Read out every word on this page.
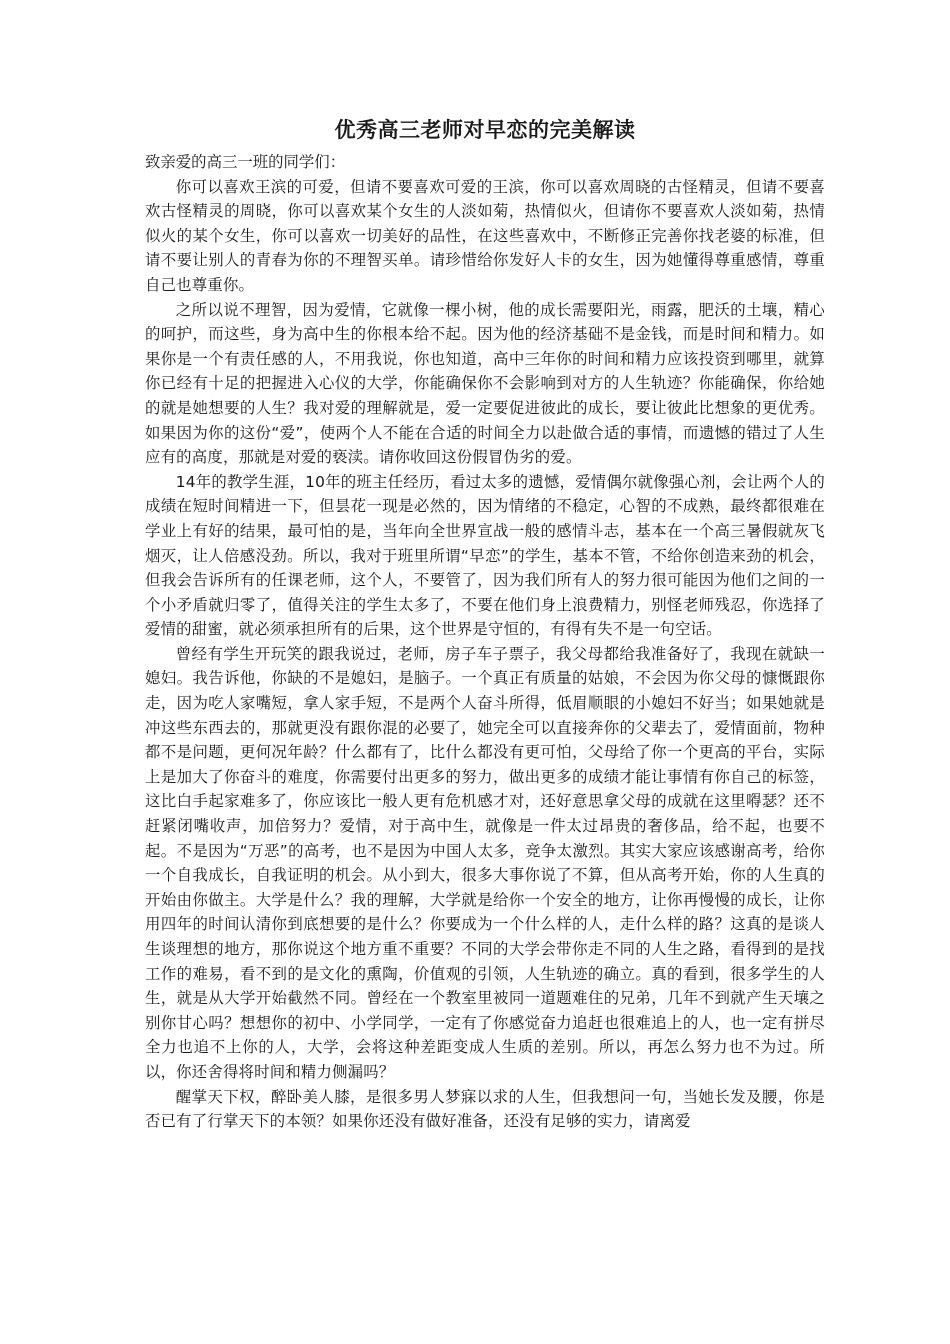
优秀高三老师对早恋的完美解读

致亲爱的高三一班的同学们：

你可以喜欢王滨的可爱，但请不要喜欢可爱的王滨，你可以喜欢周晓的古怪精灵，但请不要喜欢古怪精灵的周晓，你可以喜欢某个女生的人淡如菊，热情似火，但请你不要喜欢人淡如菊，热情似火的某个女生，你可以喜欢一切美好的品性，在这些喜欢中，不断修正完善你找老婆的标准，但请不要让别人的青春为你的不理智买单。请珍惜给你发好人卡的女生，因为她懂得尊重感情，尊重自己也尊重你。

之所以说不理智，因为爱情，它就像一棵小树，他的成长需要阳光，雨露，肥沃的土壤，精心的呵护，而这些，身为高中生的你根本给不起。因为他的经济基础不是金钱，而是时间和精力。如果你是一个有责任感的人，不用我说，你也知道，高中三年你的时间和精力应该投资到哪里，就算你已经有十足的把握进入心仪的大学，你能确保你不会影响到对方的人生轨迹？你能确保，你给她的就是她想要的人生？我对爱的理解就是，爱一定要促进彼此的成长，要让彼此比想象的更优秀。如果因为你的这份“爱”，使两个人不能在合适的时间全力以赴做合适的事情，而遗憾的错过了人生应有的高度，那就是对爱的亵渎。请你收回这份假冒伪劣的爱。

14年的教学生涯，10年的班主任经历，看过太多的遗憾，爱情偶尔就像强心剂，会让两个人的成绩在短时间精进一下，但昙花一现是必然的，因为情绪的不稳定，心智的不成熟，最终都很难在学业上有好的结果，最可怕的是，当年向全世界宣战一般的感情斗志，基本在一个高三暑假就灰飞烟灭，让人倍感没劲。所以，我对于班里所谓“早恋”的学生，基本不管，不给你创造来劲的机会，但我会告诉所有的任课老师，这个人，不要管了，因为我们所有人的努力很可能因为他们之间的一个小矛盾就归零了，值得关注的学生太多了，不要在他们身上浪费精力，别怪老师残忍，你选择了爱情的甜蜜，就必须承担所有的后果，这个世界是守恒的，有得有失不是一句空话。

曾经有学生开玩笑的跟我说过，老师，房子车子票子，我父母都给我准备好了，我现在就缺一媳妇。我告诉他，你缺的不是媳妇，是脑子。一个真正有质量的姑娘，不会因为你父母的慷慨跟你走，因为吃人家嘴短，拿人家手短，不是两个人奋斗所得，低眉顺眼的小媳妇不好当；如果她就是冲这些东西去的，那就更没有跟你混的必要了，她完全可以直接奔你的父辈去了，爱情面前，物种都不是问题，更何况年龄？什么都有了，比什么都没有更可怕，父母给了你一个更高的平台，实际上是加大了你奋斗的难度，你需要付出更多的努力，做出更多的成绩才能让事情有你自己的标签，这比白手起家难多了，你应该比一般人更有危机感才对，还好意思拿父母的成就在这里嘚瑟？还不赶紧闭嘴收声，加倍努力？爱情，对于高中生，就像是一件太过昂贵的奢侈品，给不起，也要不起。不是因为“万恶”的高考，也不是因为中国人太多，竞争太激烈。其实大家应该感谢高考，给你一个自我成长，自我证明的机会。从小到大，很多大事你说了不算，但从高考开始，你的人生真的开始由你做主。大学是什么？我的理解，大学就是给你一个安全的地方，让你再慢慢的成长，让你用四年的时间认清你到底想要的是什么？你要成为一个什么样的人，走什么样的路？这真的是谈人生谈理想的地方，那你说这个地方重不重要？不同的大学会带你走不同的人生之路，看得到的是找工作的难易，看不到的是文化的熏陶，价值观的引领，人生轨迹的确立。真的看到，很多学生的人生，就是从大学开始截然不同。曾经在一个教室里被同一道题难住的兄弟，几年不到就产生天壤之别你甘心吗？想想你的初中、小学同学，一定有了你感觉奋力追赶也很难追上的人，也一定有拼尽全力也追不上你的人，大学，会将这种差距变成人生质的差别。所以，再怎么努力也不为过。所以，你还舍得将时间和精力侧漏吗？

醒掌天下权，醉卧美人膝，是很多男人梦寐以求的人生，但我想问一句，当她长发及腰，你是否已有了行掌天下的本领？如果你还没有做好准备，还没有足够的实力，请离爱
